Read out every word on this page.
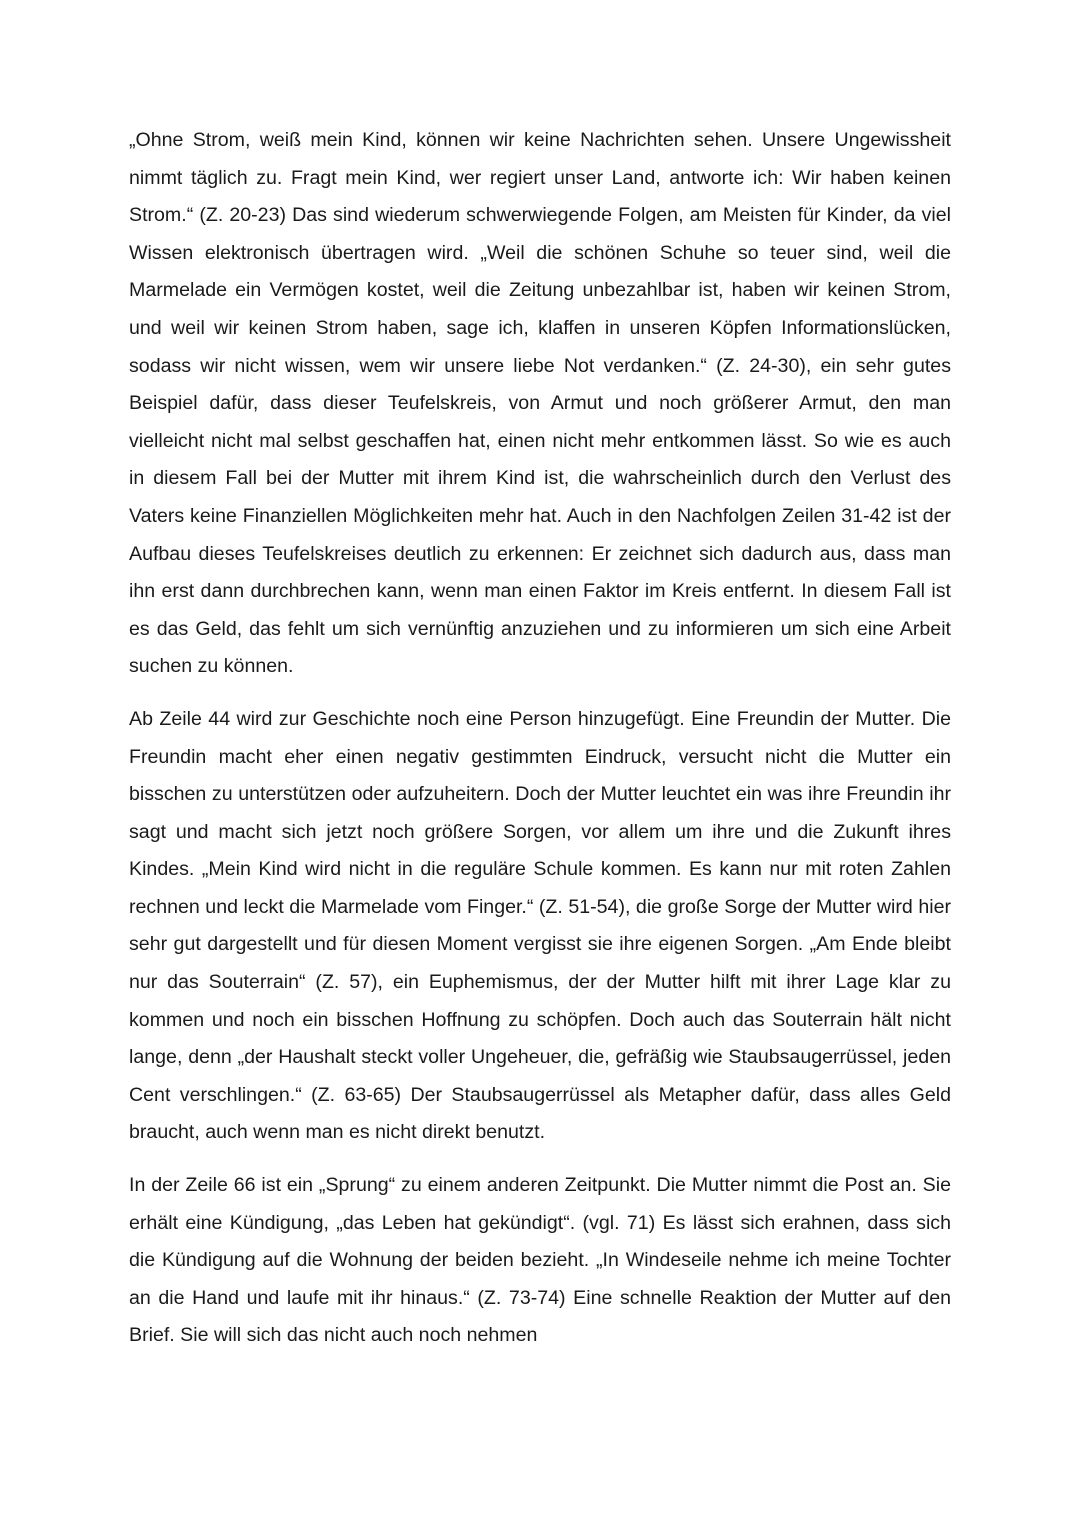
„Ohne Strom, weiß mein Kind, können wir keine Nachrichten sehen. Unsere Ungewissheit nimmt täglich zu. Fragt mein Kind, wer regiert unser Land, antworte ich: Wir haben keinen Strom.“ (Z. 20-23) Das sind wiederum schwerwiegende Folgen, am Meisten für Kinder, da viel Wissen elektronisch übertragen wird. „Weil die schönen Schuhe so teuer sind, weil die Marmelade ein Vermögen kostet, weil die Zeitung unbezahlbar ist, haben wir keinen Strom, und weil wir keinen Strom haben, sage ich, klaffen in unseren Köpfen Informationslücken, sodass wir nicht wissen, wem wir unsere liebe Not verdanken.“ (Z. 24-30), ein sehr gutes Beispiel dafür, dass dieser Teufelskreis, von Armut und noch größerer Armut, den man vielleicht nicht mal selbst geschaffen hat, einen nicht mehr entkommen lässt. So wie es auch in diesem Fall bei der Mutter mit ihrem Kind ist, die wahrscheinlich durch den Verlust des Vaters keine Finanziellen Möglichkeiten mehr hat. Auch in den Nachfolgen Zeilen 31-42 ist der Aufbau dieses Teufelskreises deutlich zu erkennen: Er zeichnet sich dadurch aus, dass man ihn erst dann durchbrechen kann, wenn man einen Faktor im Kreis entfernt. In diesem Fall ist es das Geld, das fehlt um sich vernünftig anzuziehen und zu informieren um sich eine Arbeit suchen zu können.

Ab Zeile 44 wird zur Geschichte noch eine Person hinzugefügt. Eine Freundin der Mutter. Die Freundin macht eher einen negativ gestimmten Eindruck, versucht nicht die Mutter ein bisschen zu unterstützen oder aufzuheitern. Doch der Mutter leuchtet ein was ihre Freundin ihr sagt und macht sich jetzt noch größere Sorgen, vor allem um ihre und die Zukunft ihres Kindes. „Mein Kind wird nicht in die reguläre Schule kommen. Es kann nur mit roten Zahlen rechnen und leckt die Marmelade vom Finger.“ (Z. 51-54), die große Sorge der Mutter wird hier sehr gut dargestellt und für diesen Moment vergisst sie ihre eigenen Sorgen. „Am Ende bleibt nur das Souterrain“ (Z. 57), ein Euphemismus, der der Mutter hilft mit ihrer Lage klar zu kommen und noch ein bisschen Hoffnung zu schöpfen. Doch auch das Souterrain hält nicht lange, denn „der Haushalt steckt voller Ungeheuer, die, gefräßig wie Staubsaugerrüssel, jeden Cent verschlingen.“ (Z. 63-65) Der Staubsaugerrüssel als Metapher dafür, dass alles Geld braucht, auch wenn man es nicht direkt benutzt.

In der Zeile 66 ist ein „Sprung“ zu einem anderen Zeitpunkt. Die Mutter nimmt die Post an. Sie erhält eine Kündigung, „das Leben hat gekündigt“. (vgl. 71) Es lässt sich erahnen, dass sich die Kündigung auf die Wohnung der beiden bezieht. „In Windeseile nehme ich meine Tochter an die Hand und laufe mit ihr hinaus.“ (Z. 73-74) Eine schnelle Reaktion der Mutter auf den Brief. Sie will sich das nicht auch noch nehmen
